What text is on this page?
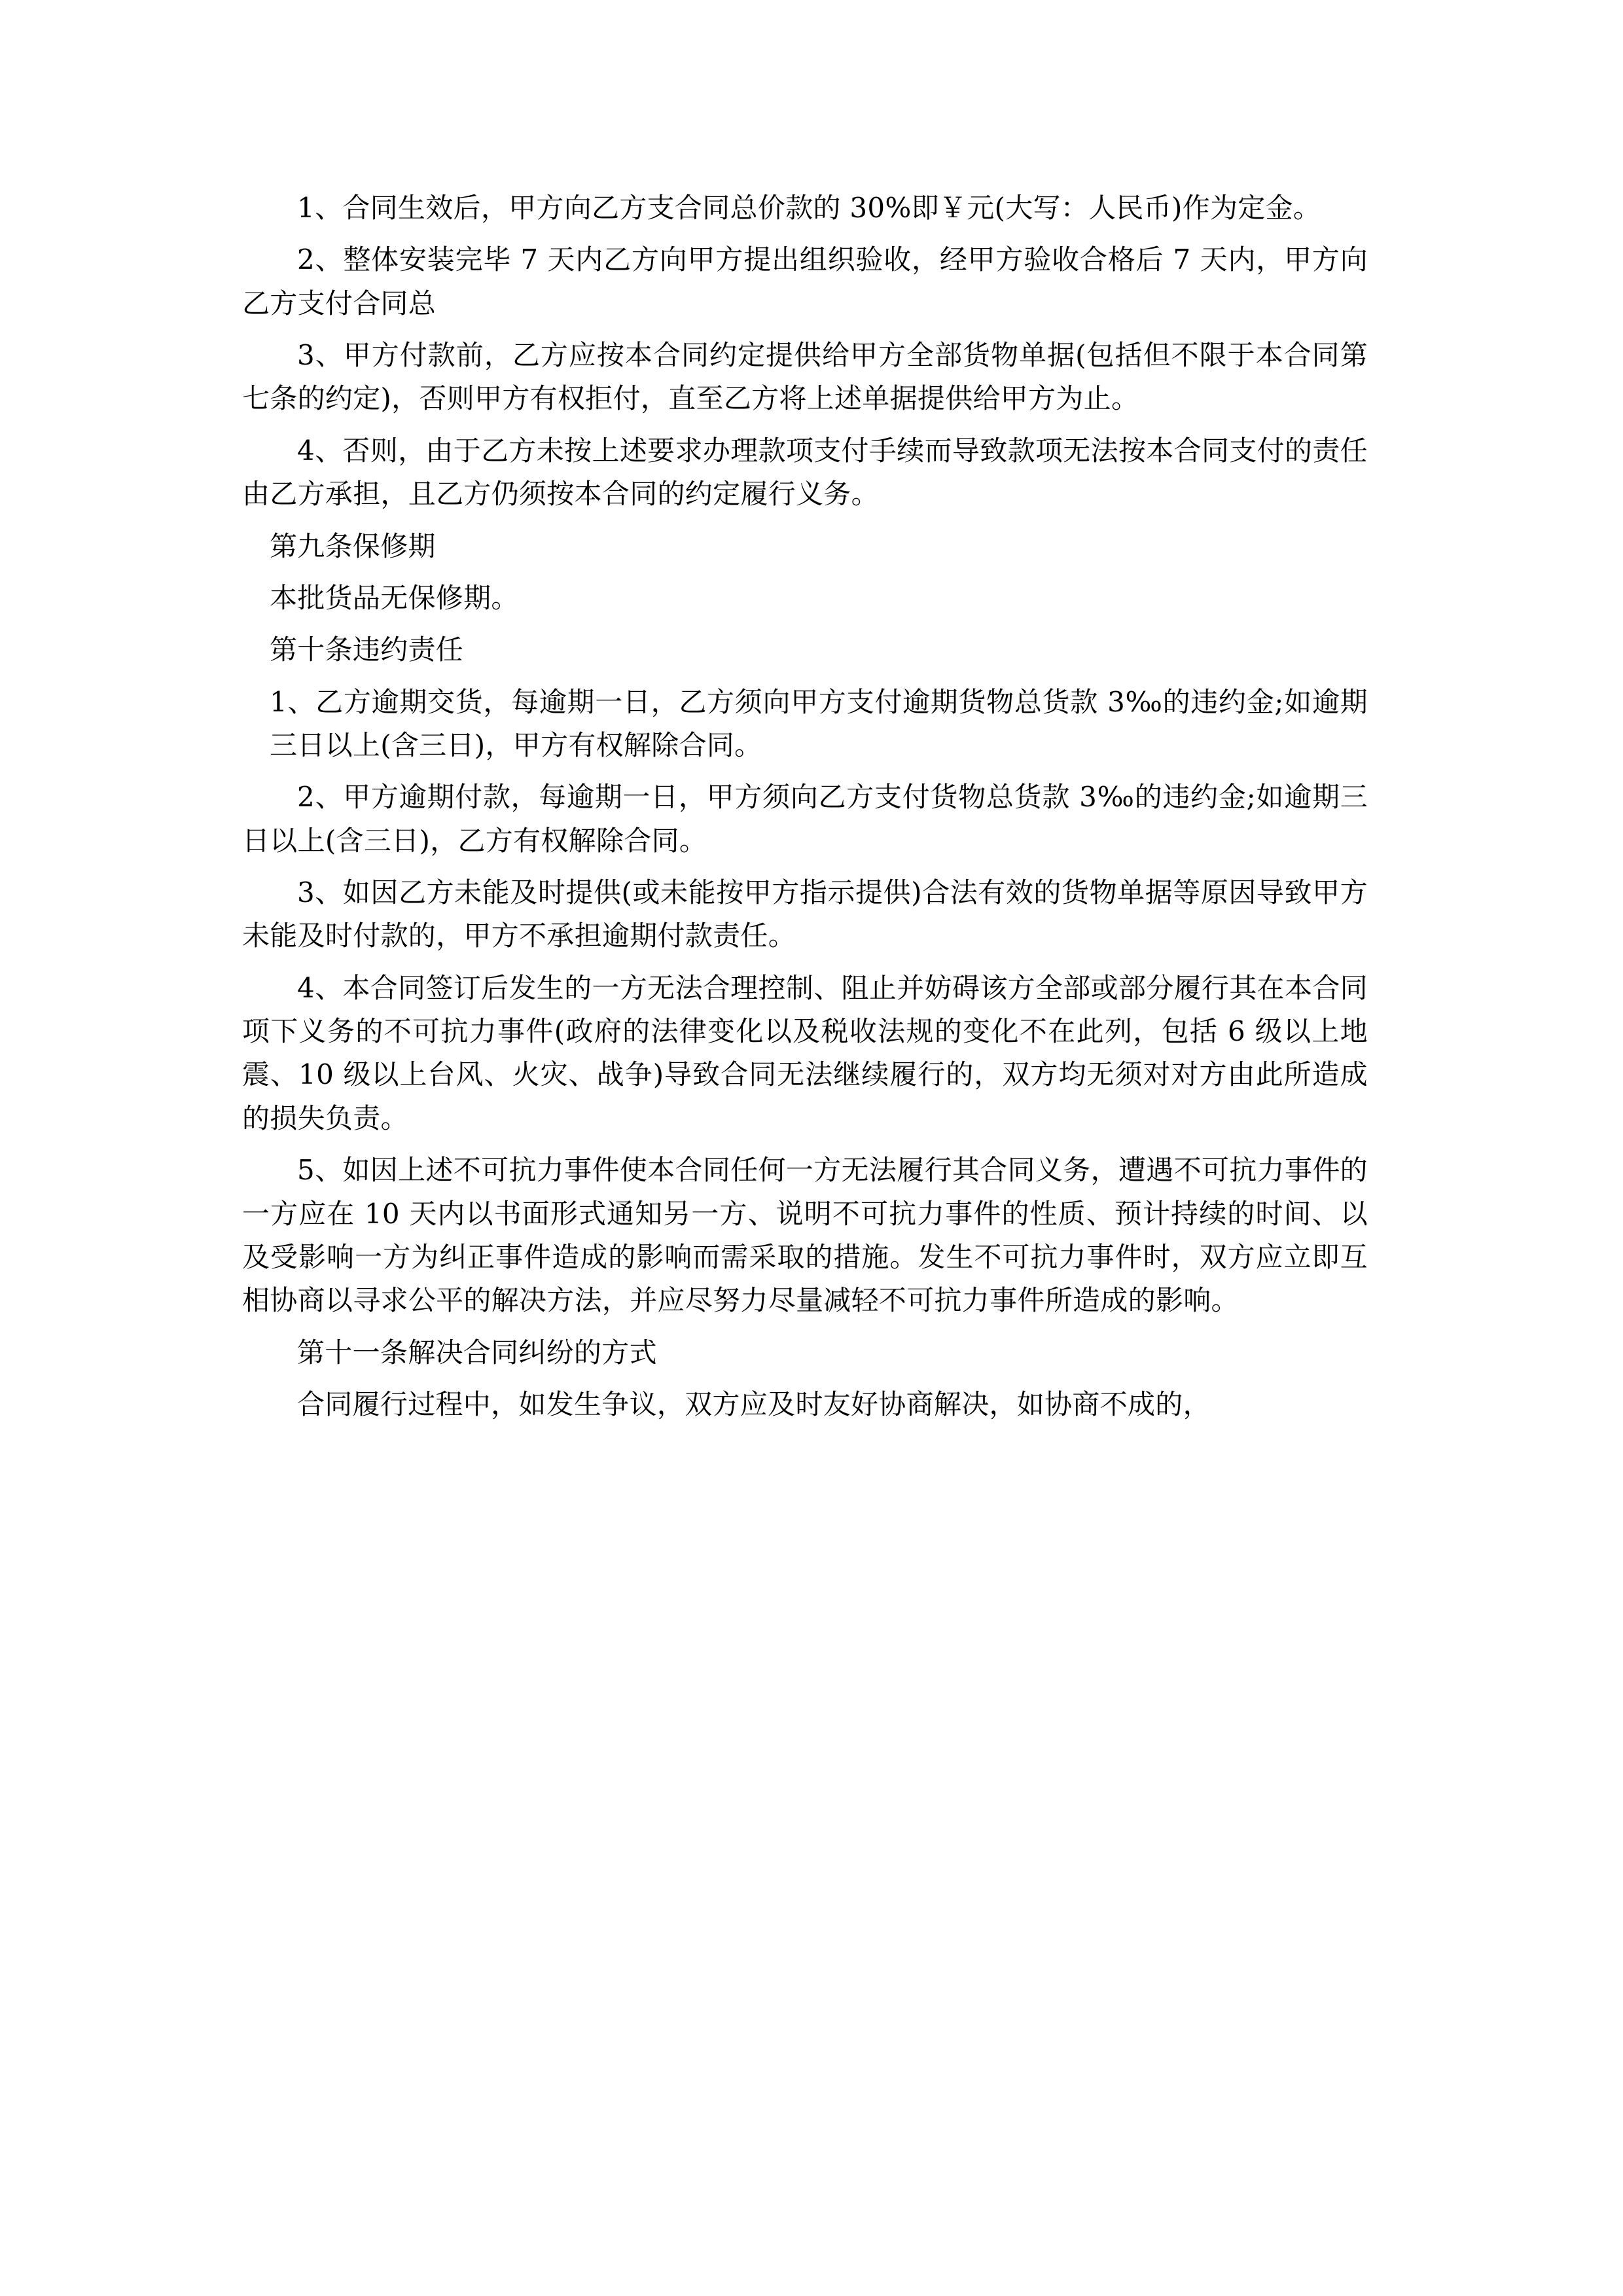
1、合同生效后，甲方向乙方支合同总价款的 30%即￥元(大写：人民币)作为定金。

2、整体安装完毕 7 天内乙方向甲方提出组织验收，经甲方验收合格后 7 天内，甲方向乙方支付合同总

3、甲方付款前，乙方应按本合同约定提供给甲方全部货物单据(包括但不限于本合同第七条的约定)，否则甲方有权拒付，直至乙方将上述单据提供给甲方为止。

4、否则，由于乙方未按上述要求办理款项支付手续而导致款项无法按本合同支付的责任由乙方承担，且乙方仍须按本合同的约定履行义务。

第九条保修期

本批货品无保修期。

第十条违约责任

1、乙方逾期交货，每逾期一日，乙方须向甲方支付逾期货物总货款 3‰的违约金;如逾期三日以上(含三日)，甲方有权解除合同。

2、甲方逾期付款，每逾期一日，甲方须向乙方支付货物总货款 3‰的违约金;如逾期三日以上(含三日)，乙方有权解除合同。

3、如因乙方未能及时提供(或未能按甲方指示提供)合法有效的货物单据等原因导致甲方未能及时付款的，甲方不承担逾期付款责任。

4、本合同签订后发生的一方无法合理控制、阻止并妨碍该方全部或部分履行其在本合同项下义务的不可抗力事件(政府的法律变化以及税收法规的变化不在此列，包括 6 级以上地震、10 级以上台风、火灾、战争)导致合同无法继续履行的，双方均无须对对方由此所造成的损失负责。

5、如因上述不可抗力事件使本合同任何一方无法履行其合同义务，遭遇不可抗力事件的一方应在 10 天内以书面形式通知另一方、说明不可抗力事件的性质、预计持续的时间、以及受影响一方为纠正事件造成的影响而需采取的措施。发生不可抗力事件时，双方应立即互相协商以寻求公平的解决方法，并应尽努力尽量减轻不可抗力事件所造成的影响。

第十一条解决合同纠纷的方式

合同履行过程中，如发生争议，双方应及时友好协商解决，如协商不成的，
